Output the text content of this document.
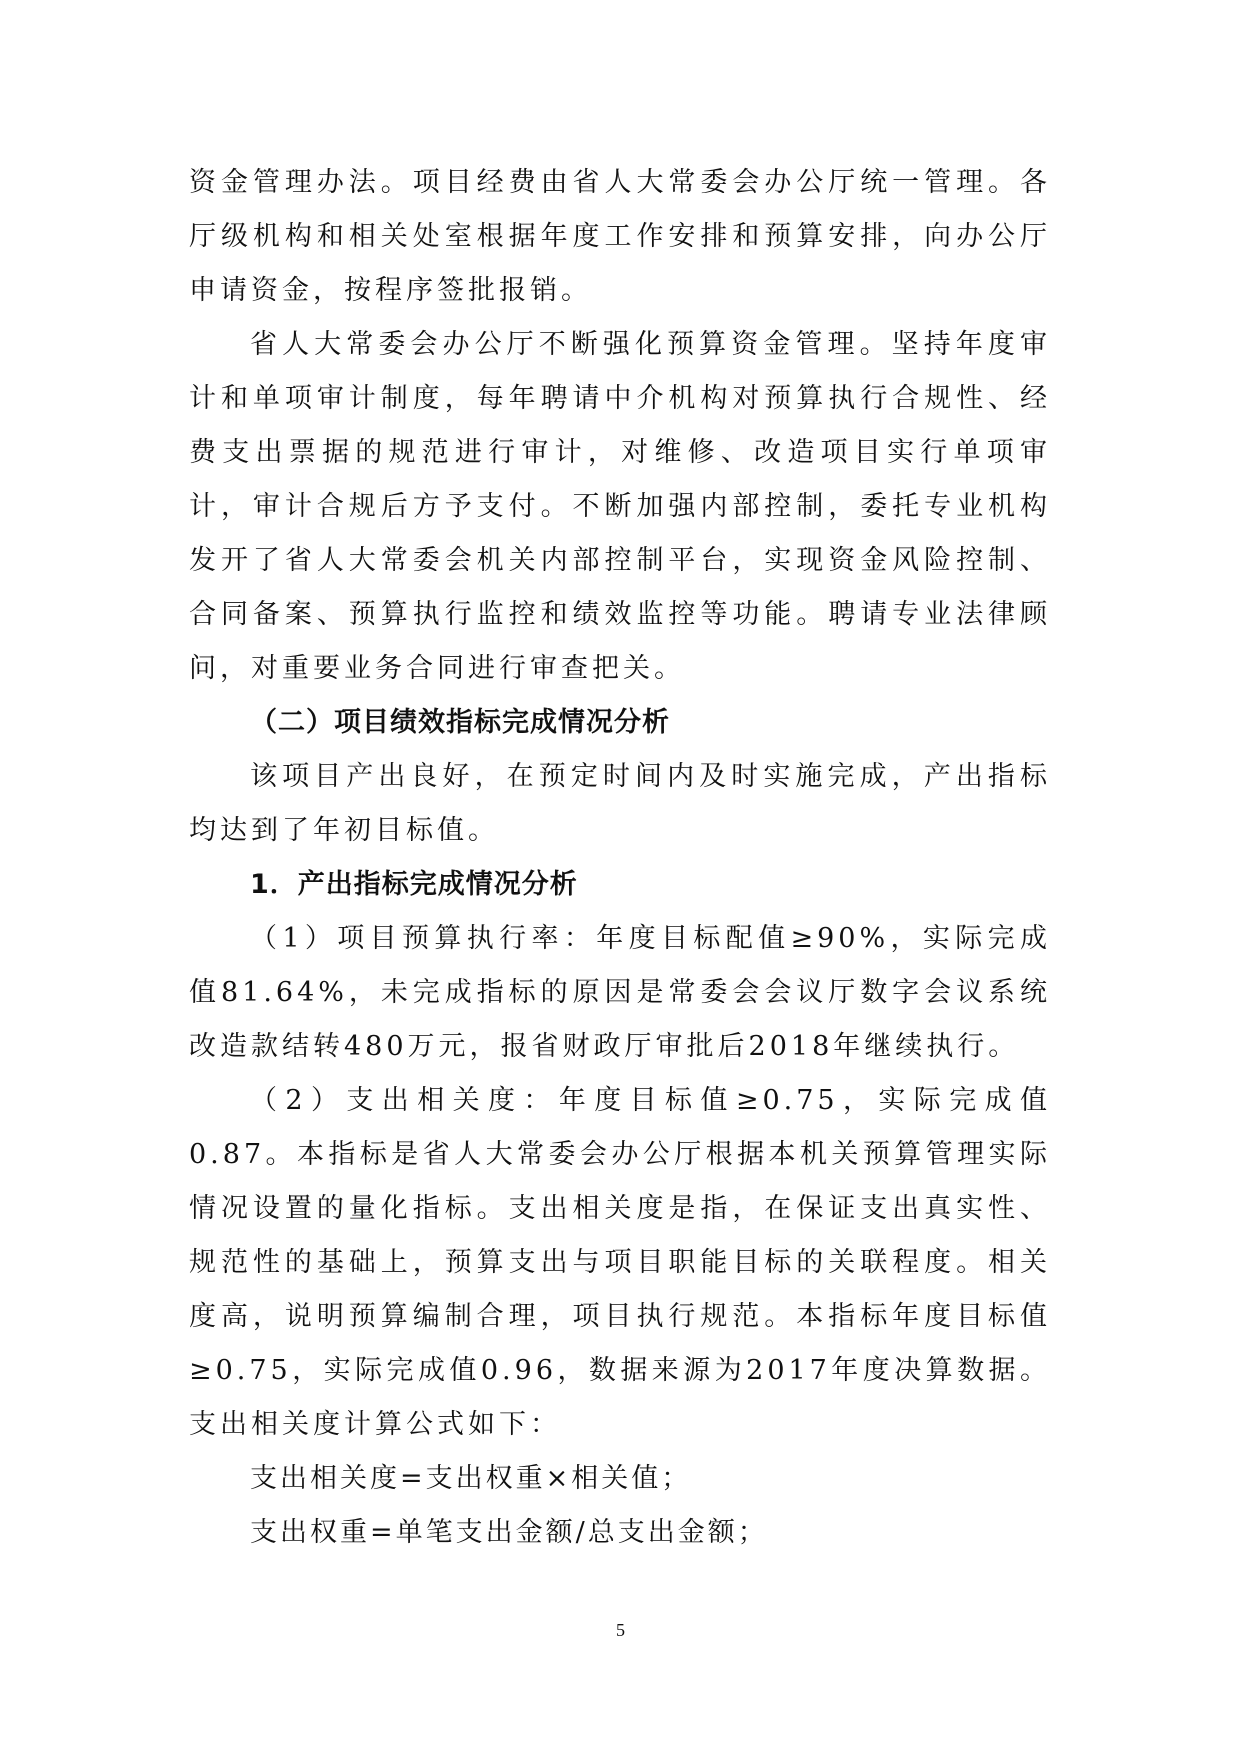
资金管理办法。项目经费由省人大常委会办公厅统一管理。各厅级机构和相关处室根据年度工作安排和预算安排，向办公厅申请资金，按程序签批报销。

省人大常委会办公厅不断强化预算资金管理。坚持年度审计和单项审计制度，每年聘请中介机构对预算执行合规性、经费支出票据的规范进行审计，对维修、改造项目实行单项审计，审计合规后方予支付。不断加强内部控制，委托专业机构发开了省人大常委会机关内部控制平台，实现资金风险控制、合同备案、预算执行监控和绩效监控等功能。聘请专业法律顾问，对重要业务合同进行审查把关。

（二）项目绩效指标完成情况分析

该项目产出良好，在预定时间内及时实施完成，产出指标均达到了年初目标值。

1．产出指标完成情况分析

（1）项目预算执行率：年度目标配值≥90%，实际完成值81.64%，未完成指标的原因是常委会会议厅数字会议系统改造款结转480万元，报省财政厅审批后2018年继续执行。

（2）支出相关度：年度目标值≥0.75，实际完成值0.87。本指标是省人大常委会办公厅根据本机关预算管理实际情况设置的量化指标。支出相关度是指，在保证支出真实性、规范性的基础上，预算支出与项目职能目标的关联程度。相关度高，说明预算编制合理，项目执行规范。本指标年度目标值≥0.75，实际完成值0.96，数据来源为2017年度决算数据。支出相关度计算公式如下：

支出相关度=支出权重×相关值；

支出权重=单笔支出金额/总支出金额；

5
